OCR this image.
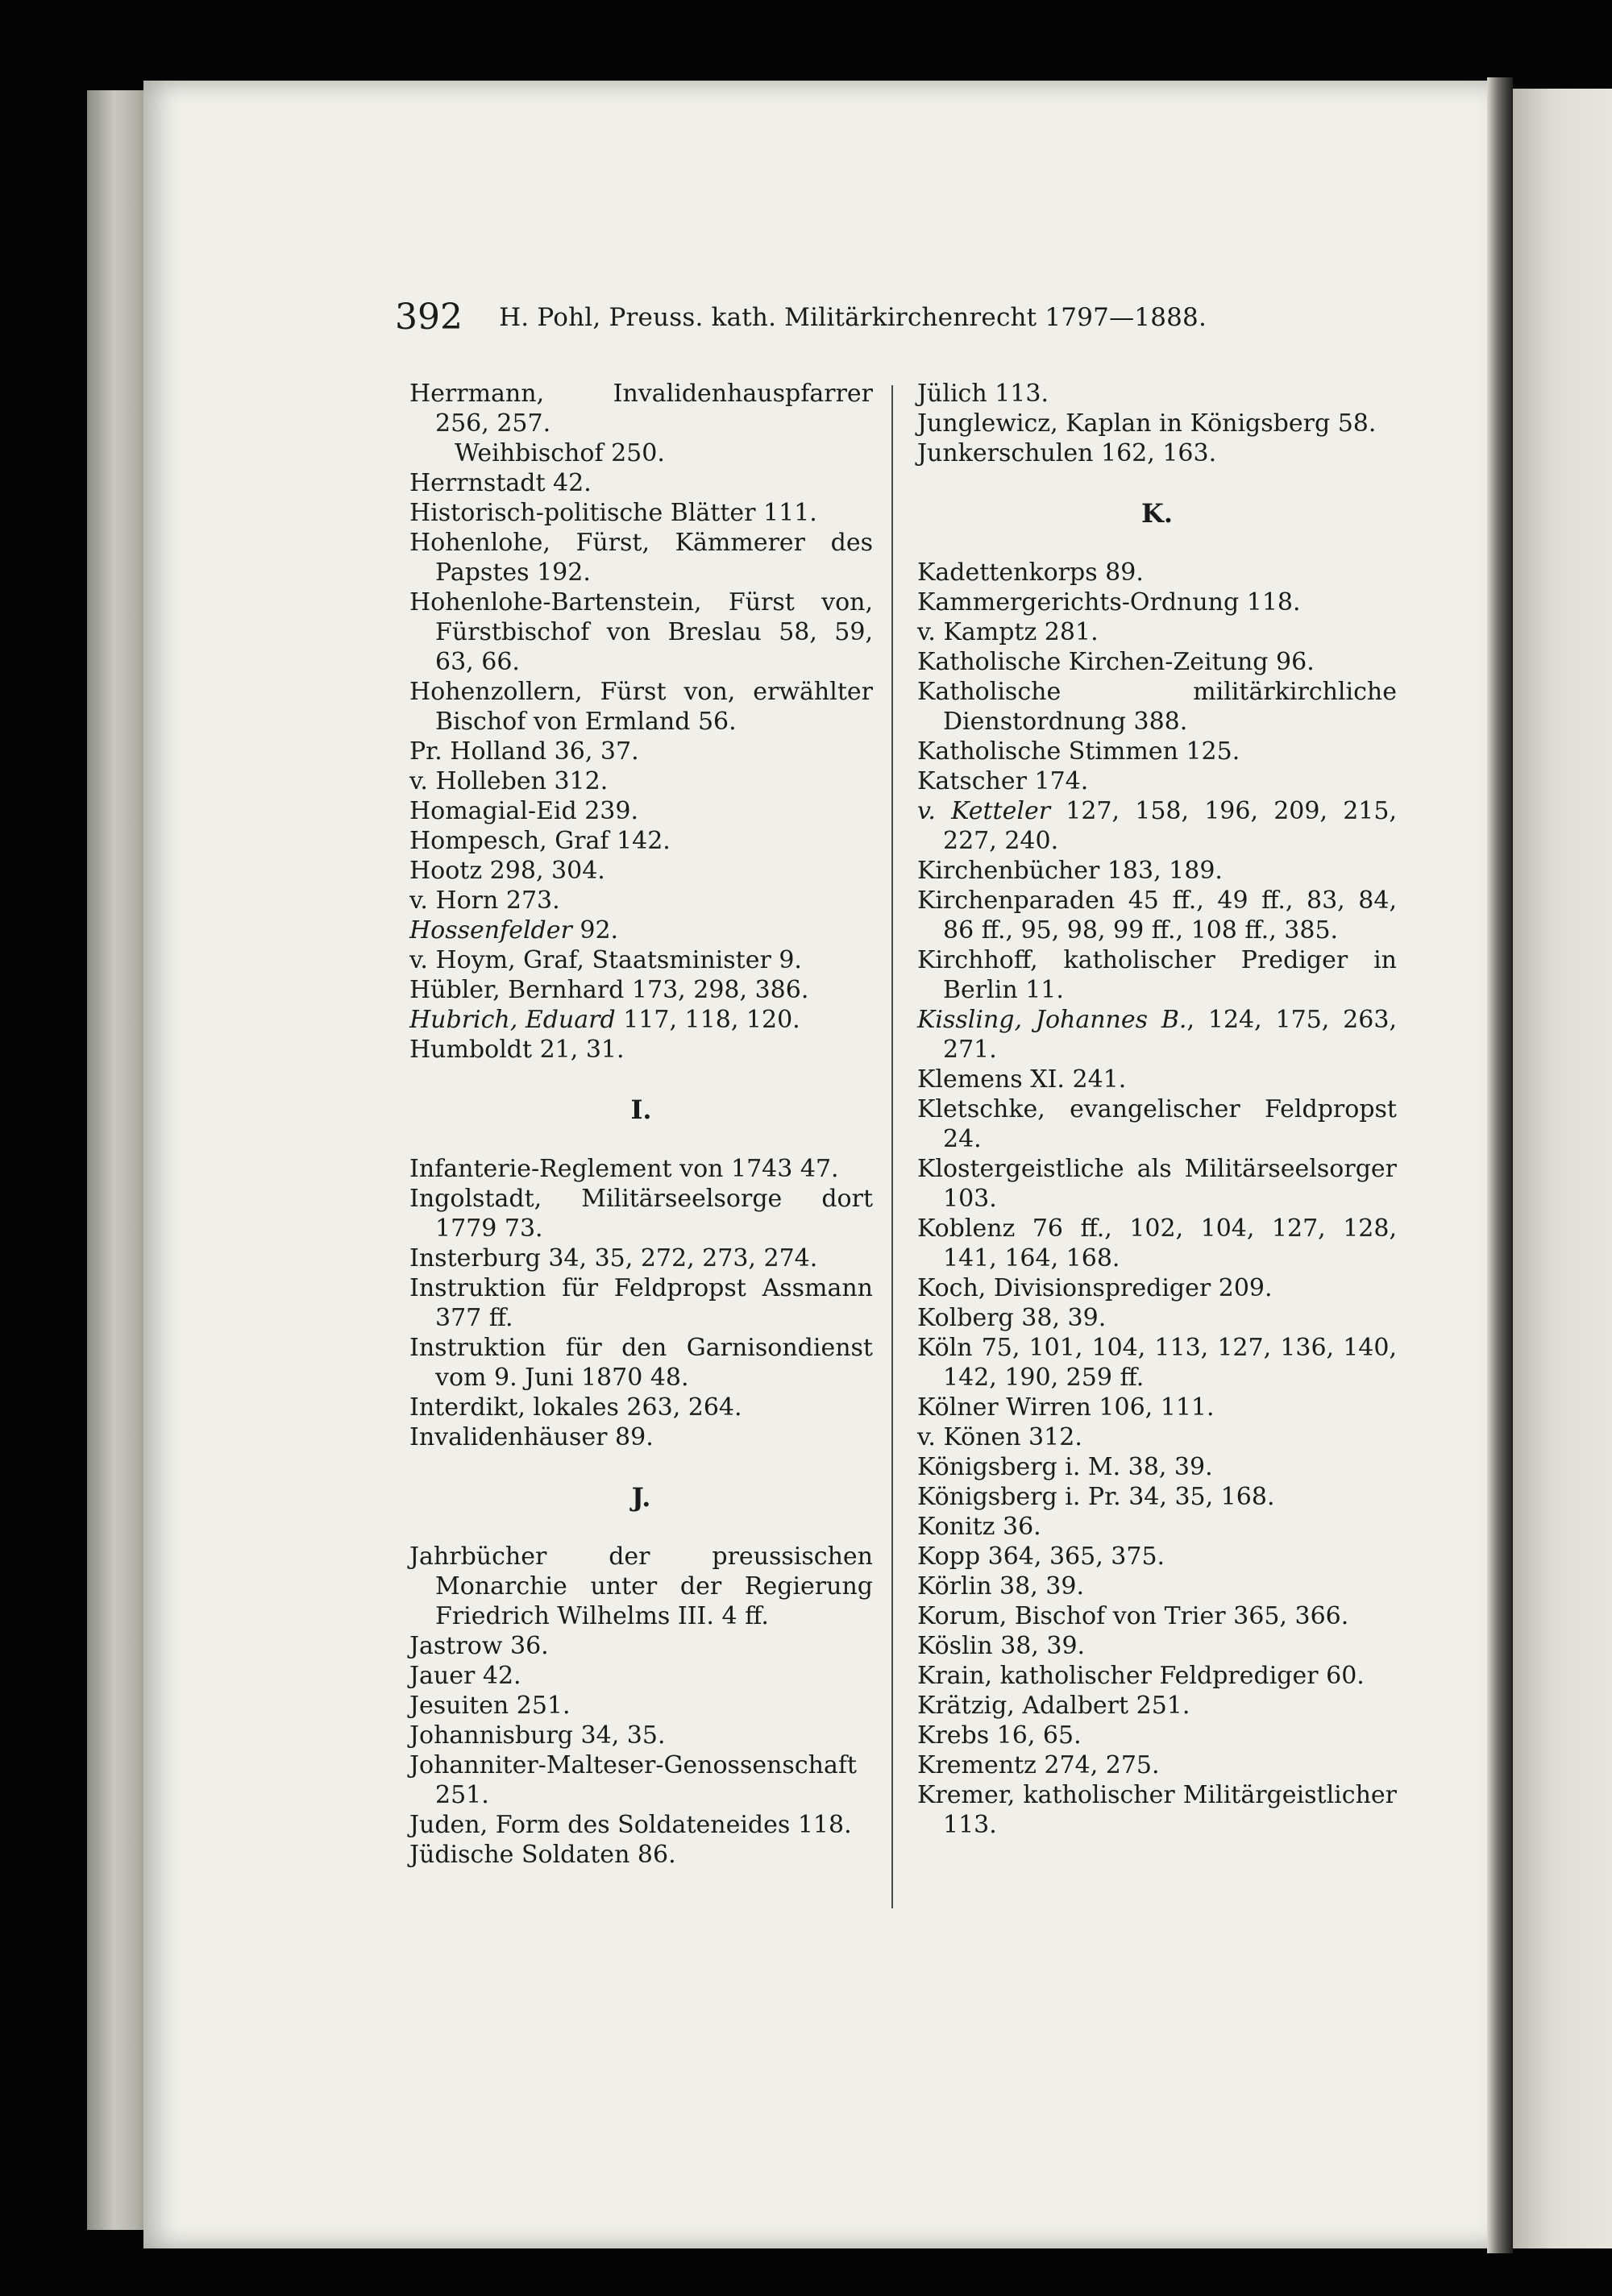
392 H. Pohl, Preuss. kath. Militärkirchenrecht 1797—1888.

Herrmann, Invalidenhauspfarrer 256, 257.

Weihbischof 250.

Herrnstadt 42.

Historisch-politische Blätter 111.

Hohenlohe, Fürst, Kämmerer des Papstes 192.

Hohenlohe-Bartenstein, Fürst von, Fürstbischof von Breslau 58, 59, 63, 66.

Hohenzollern, Fürst von, erwählter Bischof von Ermland 56.

Pr. Holland 36, 37.

v. Holleben 312.

Homagial-Eid 239.

Hompesch, Graf 142.

Hootz 298, 304.

v. Horn 273.

Hossenfelder 92.

v. Hoym, Graf, Staatsminister 9.

Hübler, Bernhard 173, 298, 386.

Hubrich, Eduard 117, 118, 120.

Humboldt 21, 31.

I.

Infanterie-Reglement von 1743 47.

Ingolstadt, Militärseelsorge dort 1779 73.

Insterburg 34, 35, 272, 273, 274.

Instruktion für Feldpropst Assmann 377 ff.

Instruktion für den Garnisondienst vom 9. Juni 1870 48.

Interdikt, lokales 263, 264.

Invalidenhäuser 89.

J.

Jahrbücher der preussischen Monarchie unter der Regierung Friedrich Wilhelms III. 4 ff.

Jastrow 36.

Jauer 42.

Jesuiten 251.

Johannisburg 34, 35.

Johanniter-Malteser-Genossenschaft 251.

Juden, Form des Soldateneides 118.

Jüdische Soldaten 86.

Jülich 113.

Junglewicz, Kaplan in Königsberg 58.

Junkerschulen 162, 163.

K.

Kadettenkorps 89.

Kammergerichts-Ordnung 118.

v. Kamptz 281.

Katholische Kirchen-Zeitung 96.

Katholische militärkirchliche Dienstordnung 388.

Katholische Stimmen 125.

Katscher 174.

v. Ketteler 127, 158, 196, 209, 215, 227, 240.

Kirchenbücher 183, 189.

Kirchenparaden 45 ff., 49 ff., 83, 84, 86 ff., 95, 98, 99 ff., 108 ff., 385.

Kirchhoff, katholischer Prediger in Berlin 11.

Kissling, Johannes B., 124, 175, 263, 271.

Klemens XI. 241.

Kletschke, evangelischer Feldpropst 24.

Klostergeistliche als Militärseelsorger 103.

Koblenz 76 ff., 102, 104, 127, 128, 141, 164, 168.

Koch, Divisionsprediger 209.

Kolberg 38, 39.

Köln 75, 101, 104, 113, 127, 136, 140, 142, 190, 259 ff.

Kölner Wirren 106, 111.

v. Könen 312.

Königsberg i. M. 38, 39.

Königsberg i. Pr. 34, 35, 168.

Konitz 36.

Kopp 364, 365, 375.

Körlin 38, 39.

Korum, Bischof von Trier 365, 366.

Köslin 38, 39.

Krain, katholischer Feldprediger 60.

Krätzig, Adalbert 251.

Krebs 16, 65.

Krementz 274, 275.

Kremer, katholischer Militärgeistlicher 113.
